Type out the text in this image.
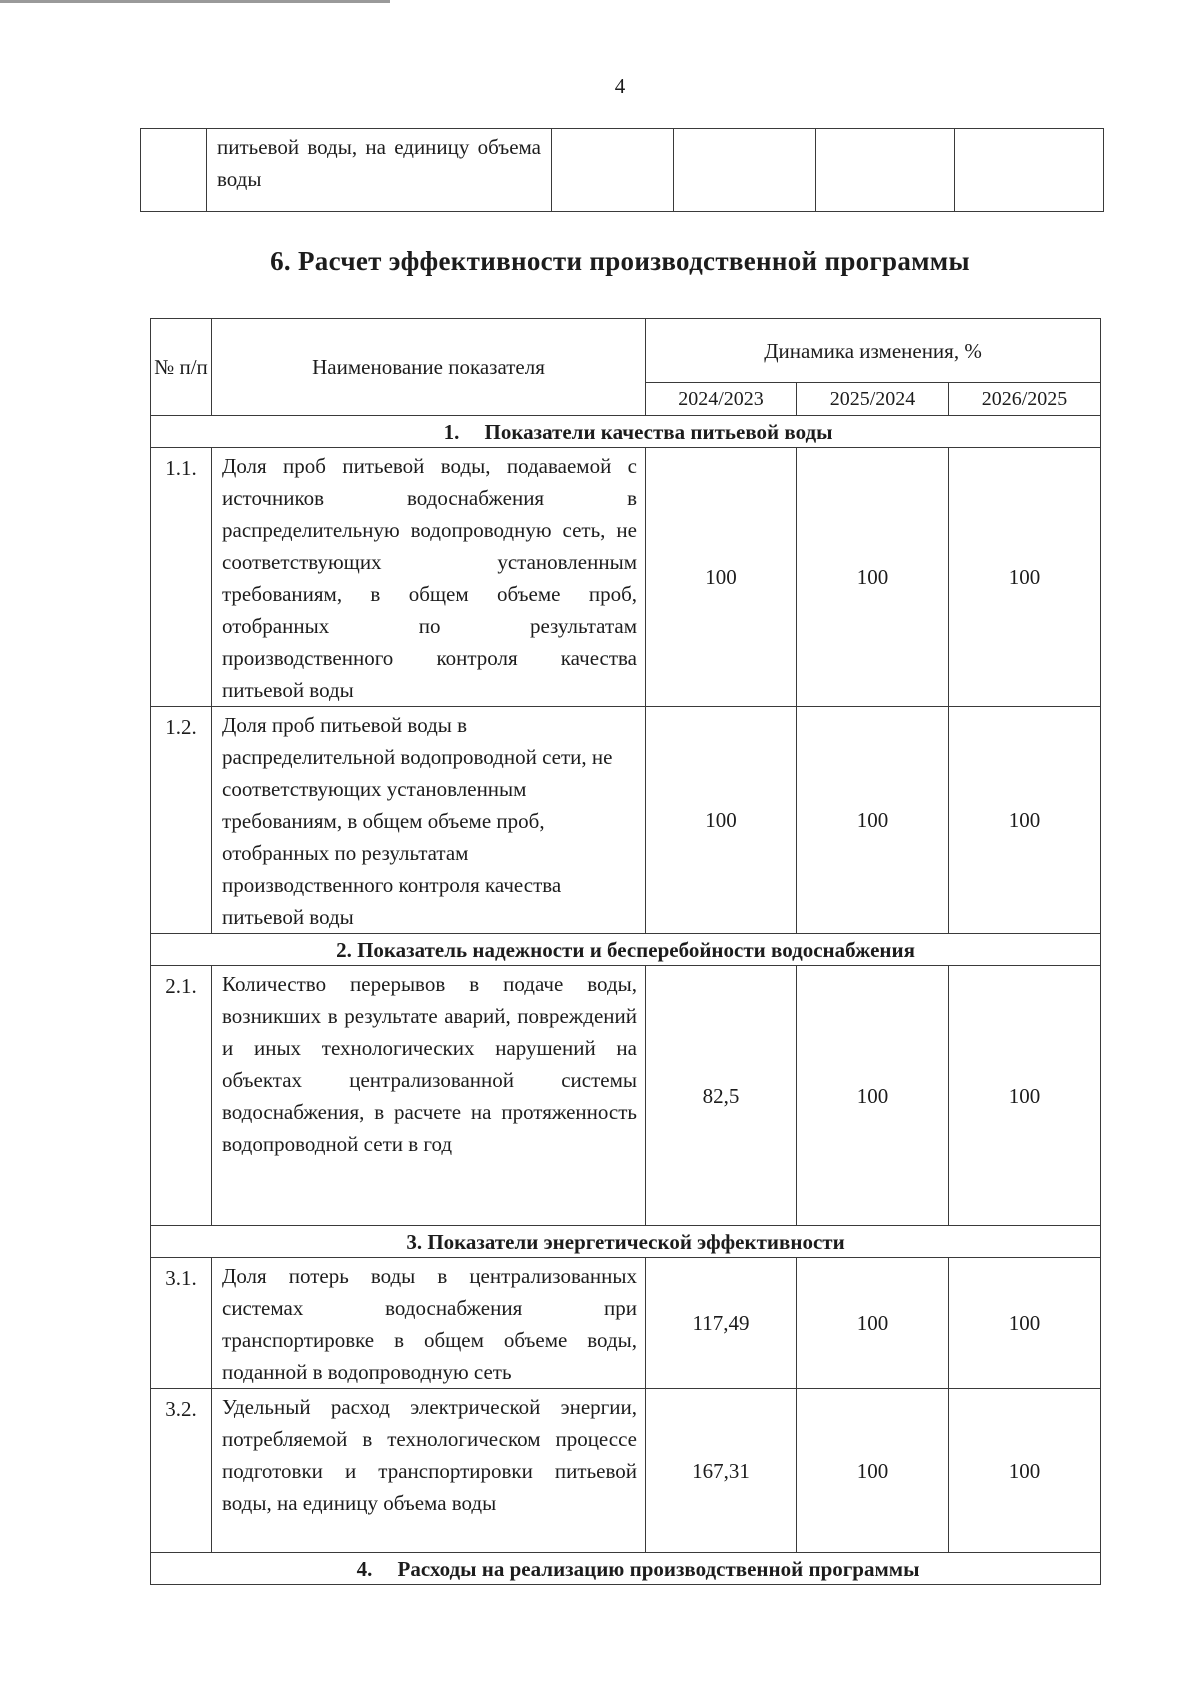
4
	питьевой воды, на единицу объема воды				
6. Расчет эффективности производственной программы
№ п/п	Наименование показателя	Динамика изменения, %		
		2024/2023	2025/2024	2026/2025
1. Показатели качества питьевой воды				
1.1.	Доля проб питьевой воды, подаваемой с источников водоснабжения в распределительную водопроводную сеть, не соответствующих установленным требованиям, в общем объеме проб, отобранных по результатам производственного контроля качества питьевой воды	100	100	100
1.2.	Доля проб питьевой воды в распределительной водопроводной сети, не соответствующих установленным требованиям, в общем объеме проб, отобранных по результатам производственного контроля качества питьевой воды	100	100	100
2. Показатель надежности и бесперебойности водоснабжения				
2.1.	Количество перерывов в подаче воды, возникших в результате аварий, повреждений и иных технологических нарушений на объектах централизованной системы водоснабжения, в расчете на протяженность водопроводной сети в год	82,5	100	100
3. Показатели энергетической эффективности				
3.1.	Доля потерь воды в централизованных системах водоснабжения при транспортировке в общем объеме воды, поданной в водопроводную сеть	117,49	100	100
3.2.	Удельный расход электрической энергии, потребляемой в технологическом процессе подготовки и транспортировки питьевой воды, на единицу объема воды	167,31	100	100
4. Расходы на реализацию производственной программы				
